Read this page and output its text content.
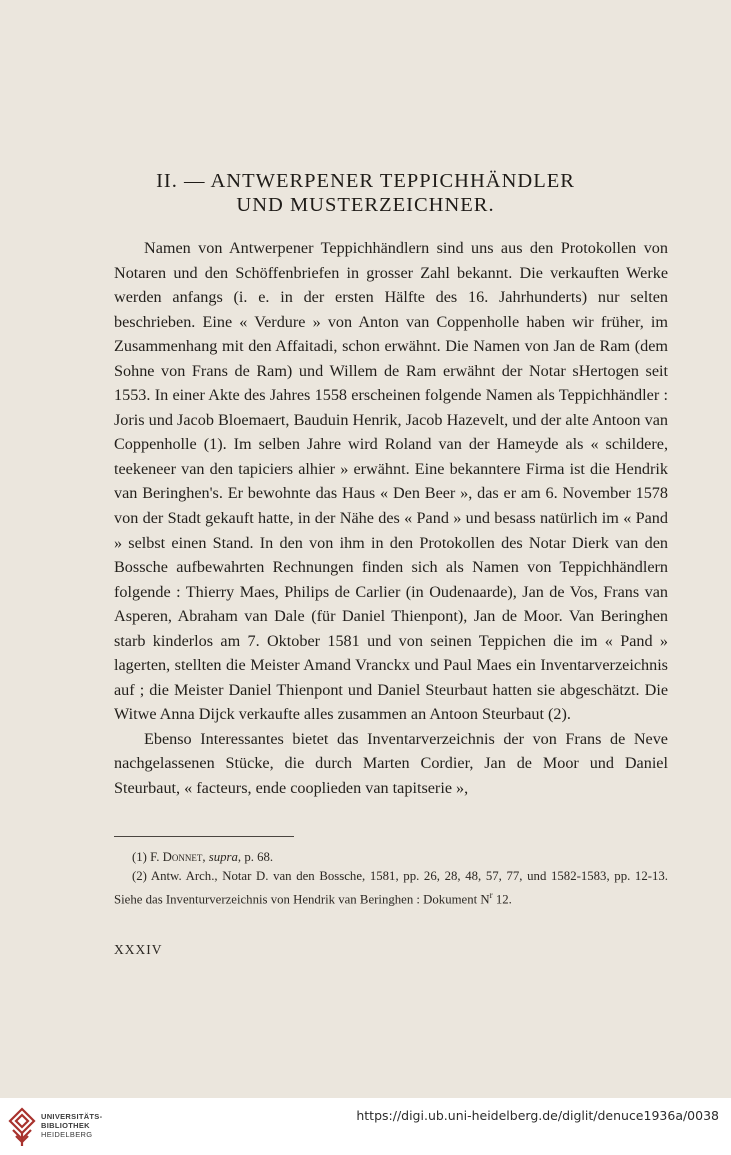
II. — ANTWERPENER TEPPICHHÄNDLER
UND MUSTERZEICHNER.

Namen von Antwerpener Teppichhändlern sind uns aus den Protokollen von Notaren und den Schöffenbriefen in grosser Zahl bekannt. Die verkauften Werke werden anfangs (i. e. in der ersten Hälfte des 16. Jahrhunderts) nur selten beschrieben. Eine « Verdure » von Anton van Coppenholle haben wir früher, im Zusammenhang mit den Affaitadi, schon erwähnt. Die Namen von Jan de Ram (dem Sohne von Frans de Ram) und Willem de Ram erwähnt der Notar sHertogen seit 1553. In einer Akte des Jahres 1558 erscheinen folgende Namen als Teppichhändler : Joris und Jacob Bloemaert, Bauduin Henrik, Jacob Hazevelt, und der alte Antoon van Coppenholle (1). Im selben Jahre wird Roland van der Hameyde als « schildere, teekeneer van den tapiciers alhier » erwähnt. Eine bekanntere Firma ist die Hendrik van Beringhen's. Er bewohnte das Haus « Den Beer », das er am 6. November 1578 von der Stadt gekauft hatte, in der Nähe des « Pand » und besass natürlich im « Pand » selbst einen Stand. In den von ihm in den Protokollen des Notar Dierk van den Bossche aufbewahrten Rechnungen finden sich als Namen von Teppichhändlern folgende : Thierry Maes, Philips de Carlier (in Oudenaarde), Jan de Vos, Frans van Asperen, Abraham van Dale (für Daniel Thienpont), Jan de Moor. Van Beringhen starb kinderlos am 7. Oktober 1581 und von seinen Teppichen die im « Pand » lagerten, stellten die Meister Amand Vranckx und Paul Maes ein Inventarverzeichnis auf ; die Meister Daniel Thienpont und Daniel Steurbaut hatten sie abgeschätzt. Die Witwe Anna Dijck verkaufte alles zusammen an Antoon Steurbaut (2).

Ebenso Interessantes bietet das Inventarverzeichnis der von Frans de Neve nachgelassenen Stücke, die durch Marten Cordier, Jan de Moor und Daniel Steurbaut, « facteurs, ende cooplieden van tapitserie »,

(1) F. Donnet, supra, p. 68.

(2) Antw. Arch., Notar D. van den Bossche, 1581, pp. 26, 28, 48, 57, 77, und 1582-1583, pp. 12-13. Siehe das Inventurverzeichnis von Hendrik van Beringhen : Dokument $N^r$ 12.

XXXIV
UNIVERSITÄTS-
BIBLIOTHEK
HEIDELBERG
https://digi.ub.uni-heidelberg.de/diglit/denuce1936a/0038
